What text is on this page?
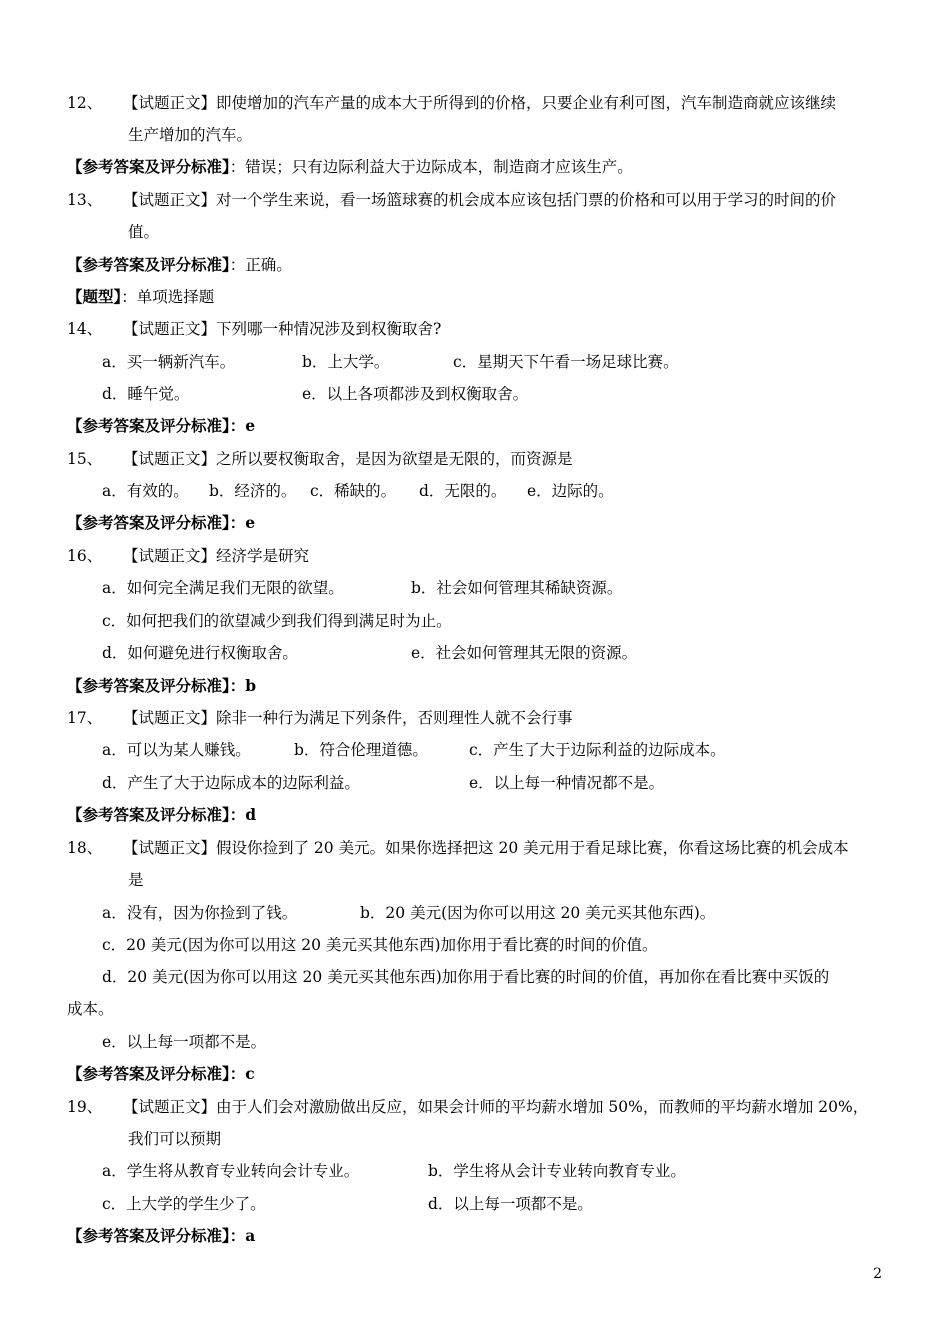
12、 【试题正文】即使增加的汽车产量的成本大于所得到的价格，只要企业有利可图，汽车制造商就应该继续
生产增加的汽车。
【参考答案及评分标准】：错误；只有边际利益大于边际成本，制造商才应该生产。
13、 【试题正文】对一个学生来说，看一场篮球赛的机会成本应该包括门票的价格和可以用于学习的时间的价
值。
【参考答案及评分标准】：正确。
【题型】：单项选择题
14、 【试题正文】下列哪一种情况涉及到权衡取舍?
a．买一辆新汽车。	b．上大学。	c．星期天下午看一场足球比赛。
d．睡午觉。	e．以上各项都涉及到权衡取舍。
【参考答案及评分标准】：e
15、 【试题正文】之所以要权衡取舍，是因为欲望是无限的，而资源是
a．有效的。 b．经济的。 c．稀缺的。 d．无限的。 e．边际的。
【参考答案及评分标准】：e
16、 【试题正文】经济学是研究
a．如何完全满足我们无限的欲望。	b．社会如何管理其稀缺资源。
c．如何把我们的欲望减少到我们得到满足时为止。
d．如何避免进行权衡取舍。	e．社会如何管理其无限的资源。
【参考答案及评分标准】：b
17、 【试题正文】除非一种行为满足下列条件，否则理性人就不会行事
a．可以为某人赚钱。	b．符合伦理道德。	c．产生了大于边际利益的边际成本。
d．产生了大于边际成本的边际利益。	e．以上每一种情况都不是。
【参考答案及评分标准】：d
18、 【试题正文】假设你捡到了 20 美元。如果你选择把这 20 美元用于看足球比赛，你看这场比赛的机会成本
是
a．没有，因为你捡到了钱。	b．20 美元(因为你可以用这 20 美元买其他东西)。
c．20 美元(因为你可以用这 20 美元买其他东西)加你用于看比赛的时间的价值。
d．20 美元(因为你可以用这 20 美元买其他东西)加你用于看比赛的时间的价值，再加你在看比赛中买饭的
成本。
e．以上每一项都不是。
【参考答案及评分标准】：c
19、 【试题正文】由于人们会对激励做出反应，如果会计师的平均薪水增加 50%，而教师的平均薪水增加 20%，
我们可以预期
a．学生将从教育专业转向会计专业。	b．学生将从会计专业转向教育专业。
c．上大学的学生少了。	d．以上每一项都不是。
【参考答案及评分标准】：a
2
